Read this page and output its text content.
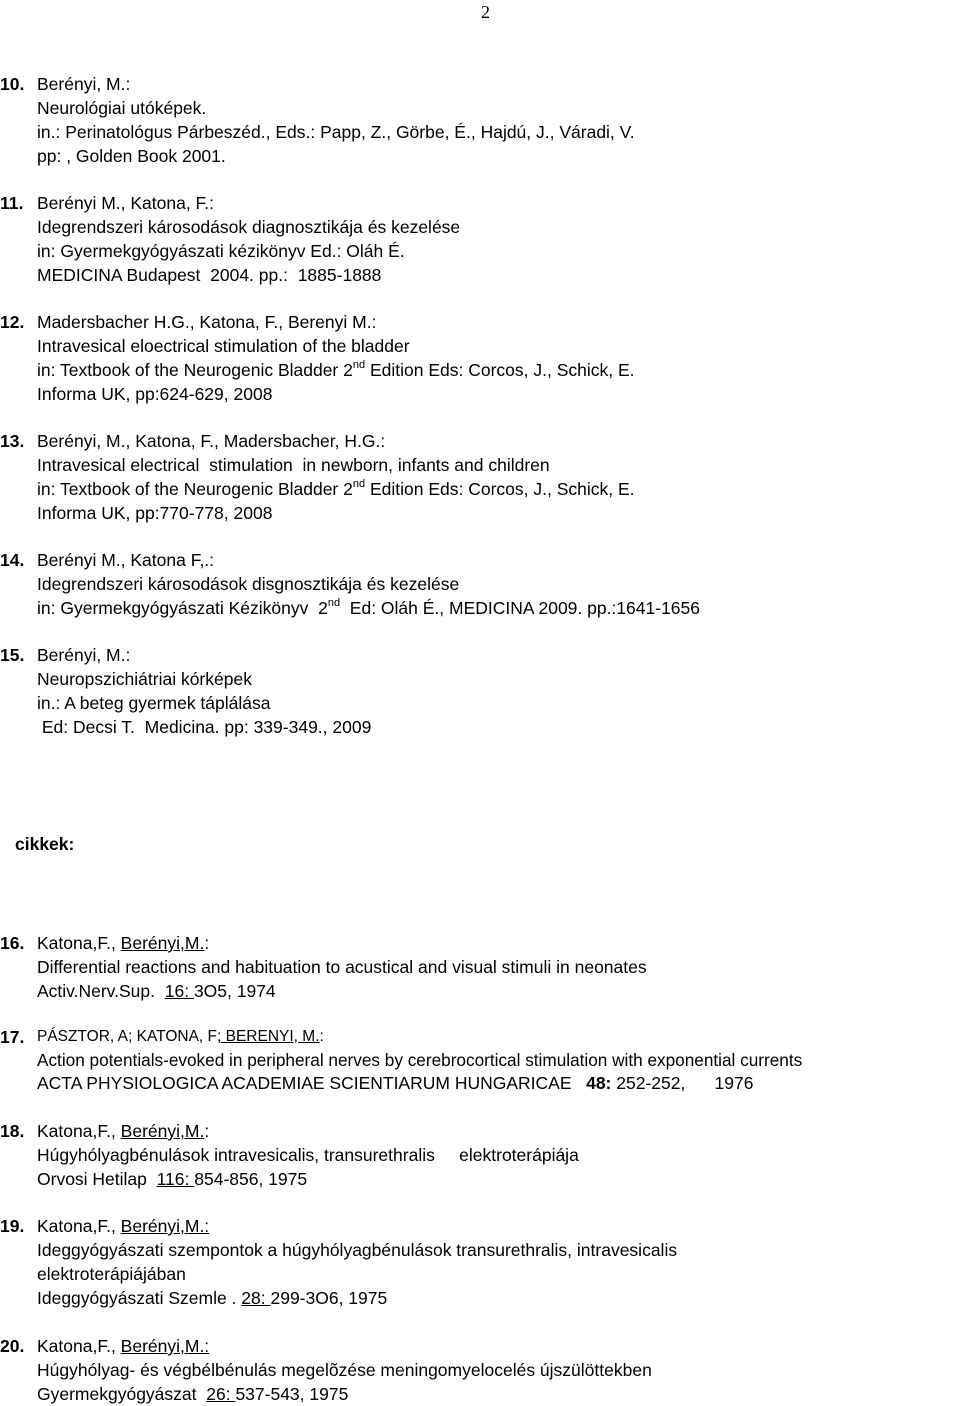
2
10. Berényi, M.:
Neurológiai utóképek.
in.: Perinatológus Párbeszéd., Eds.: Papp, Z., Görbe, É., Hajdú, J., Váradi, V.
pp: , Golden Book 2001.
11. Berényi M., Katona, F.:
Idegrendszeri károsodások diagnosztikája és kezelése
in: Gyermekgyógyászati kézikönyv Ed.: Oláh É.
MEDICINA Budapest  2004. pp.:  1885-1888
12. Madersbacher H.G., Katona, F., Berenyi M.:
Intravesical eloectrical stimulation of the bladder
in: Textbook of the Neurogenic Bladder 2nd Edition Eds: Corcos, J., Schick, E.
Informa UK, pp:624-629, 2008
13. Berényi, M., Katona, F., Madersbacher, H.G.:
Intravesical electrical  stimulation  in newborn, infants and children
in: Textbook of the Neurogenic Bladder 2nd Edition Eds: Corcos, J., Schick, E.
Informa UK, pp:770-778, 2008
14. Berényi M., Katona F,.:
Idegrendszeri károsodások disgnosztikája és kezelése
in: Gyermekgyógyászati Kézikönyv  2nd  Ed: Oláh É., MEDICINA 2009. pp.:1641-1656
15. Berényi, M.:
Neuropszichiátriai kórképek
in.: A beteg gyermek táplálása
Ed: Decsi T.  Medicina. pp: 339-349., 2009
cikkek:
16. Katona,F., Berényi,M.:
Differential reactions and habituation to acustical and visual stimuli in neonates
Activ.Nerv.Sup.  16: 3O5, 1974
17. PÁSZTOR, A; KATONA, F; BERENYI, M.:
Action potentials-evoked in peripheral nerves by cerebrocortical stimulation with exponential currents
ACTA PHYSIOLOGICA ACADEMIAE SCIENTIARUM HUNGARICAE   48: 252-252,      1976
18. Katona,F., Berényi,M.:
Húgyhólyagbénulások intravesicalis, transurethralis     elektroterápiája
Orvosi Hetilap  116: 854-856, 1975
19. Katona,F., Berényi,M.:
Ideggyógyászati szempontok a húgyhólyagbénulások transurethralis, intravesicalis
elektroterápiájában
Ideggyógyászati Szemle . 28: 299-3O6, 1975
20. Katona,F., Berényi,M.:
Húgyhólyag- és végbélbénulás megelõzése meningomyelocelés újszülöttekben
Gyermekgyógyászat  26: 537-543, 1975
